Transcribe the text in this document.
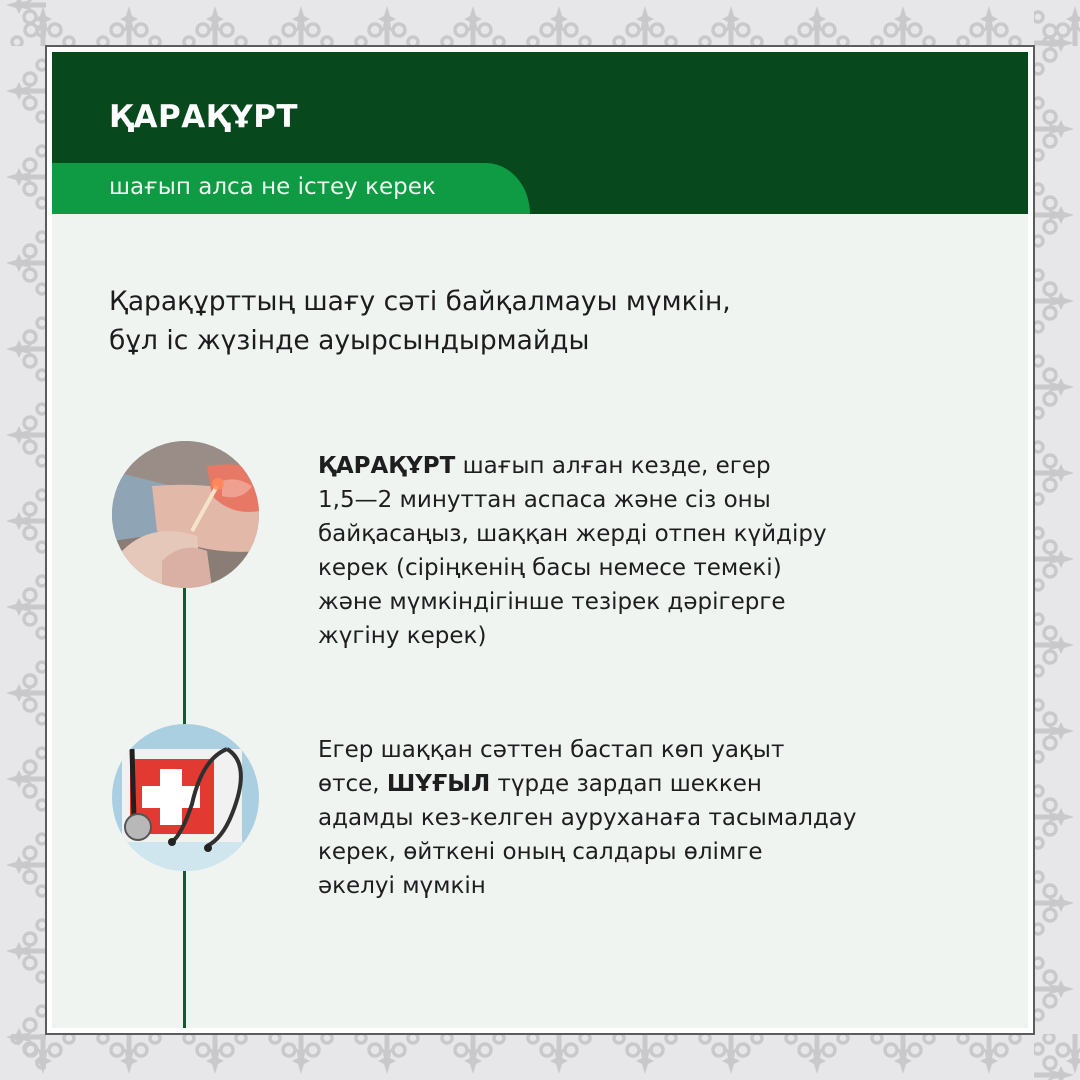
ҚАРАҚҰРТ
шағып алса не істеу керек
Қарақұрттың шағу сәті байқалмауы мүмкін,
бұл іс жүзінде ауырсындырмайды
ҚАРАҚҰРТ шағып алған кезде, егер
1,5—2 минуттан аспаса және сіз оны
байқасаңыз, шаққан жерді отпен күйдіру
керек (сіріңкенің басы немесе темекі)
және мүмкіндігінше тезірек дәрігерге
жүгіну керек)
Егер шаққан сәттен бастап көп уақыт
өтсе, ШҰҒЫЛ түрде зардап шеккен
адамды кез-келген ауруханаға тасымалдау
керек, өйткені оның салдары өлімге
әкелуі мүмкін
